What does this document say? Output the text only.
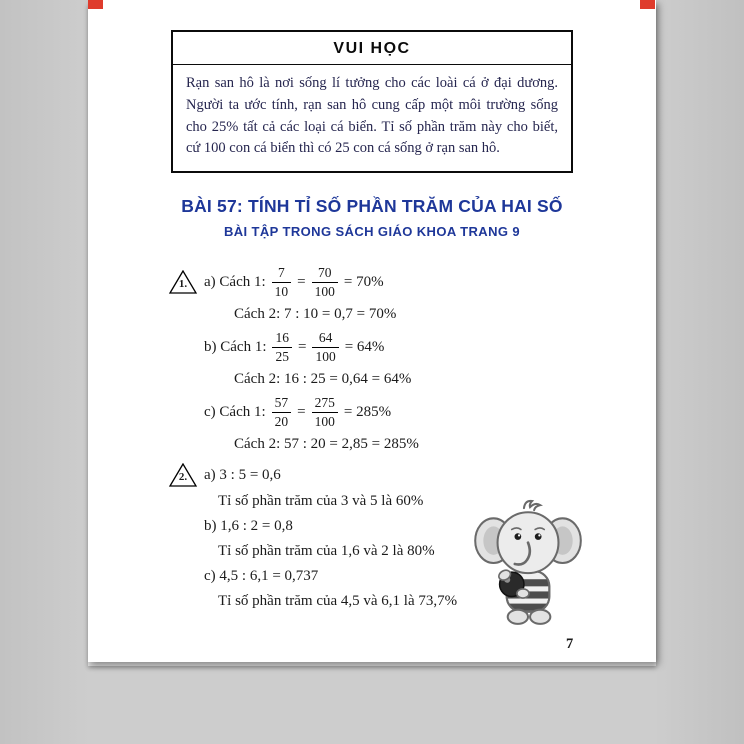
VUI HỌC
Rạn san hô là nơi sống lí tưởng cho các loài cá ở đại dương. Người ta ước tính, rạn san hô cung cấp một môi trường sống cho 25% tất cả các loại cá biển. Tỉ số phần trăm này cho biết, cứ 100 con cá biển thì có 25 con cá sống ở rạn san hô.
BÀI 57: TÍNH TỈ SỐ PHẦN TRĂM CỦA HAI SỐ
BÀI TẬP TRONG SÁCH GIÁO KHOA TRANG 9
1.	a) Cách 1: $\frac{7}{10} = \frac{70}{100} = 70\%$
Cách 2: 7 : 10 = 0,7 = 70%
b) Cách 1: $\frac{16}{25} = \frac{64}{100} = 64\%$
Cách 2: 16 : 25 = 0,64 = 64%
c) Cách 1: $\frac{57}{20} = \frac{275}{100} = 285\%$
Cách 2: 57 : 20 = 2,85 = 285%
2.	a) 3 : 5 = 0,6
Tỉ số phần trăm của 3 và 5 là 60%
b) 1,6 : 2 = 0,8
Tỉ số phần trăm của 1,6 và 2 là 80%
c) 4,5 : 6,1 = 0,737
Tỉ số phần trăm của 4,5 và 6,1 là 73,7%
7
